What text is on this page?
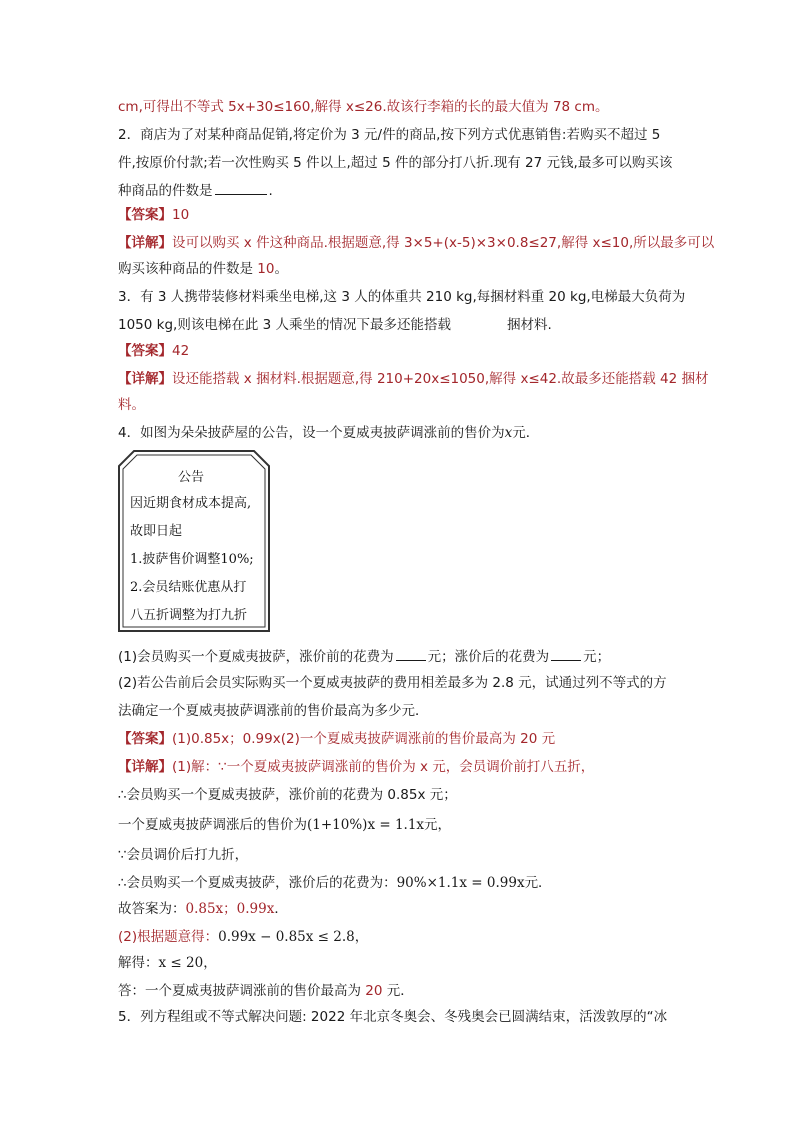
cm,可得出不等式 5x+30≤160,解得 x≤26.故该行李箱的长的最大值为 78 cm。
2．商店为了对某种商品促销,将定价为 3 元/件的商品,按下列方式优惠销售:若购买不超过 5
件,按原价付款;若一次性购买 5 件以上,超过 5 件的部分打八折.现有 27 元钱,最多可以购买该
种商品的件数是	.
【答案】10
【详解】设可以购买 x 件这种商品.根据题意,得 3×5+(x-5)×3×0.8≤27,解得 x≤10,所以最多可以
购买该种商品的件数是 10。
3．有 3 人携带装修材料乘坐电梯,这 3 人的体重共 210 kg,每捆材料重 20 kg,电梯最大负荷为
1050 kg,则该电梯在此 3 人乘坐的情况下最多还能搭载	捆材料.
【答案】42
【详解】设还能搭载 x 捆材料.根据题意,得 210+20x≤1050,解得 x≤42.故最多还能搭载 42 捆材
料。
4．如图为朵朵披萨屋的公告，设一个夏威夷披萨调涨前的售价为x元．
公告
因近期食材成本提高,
故即日起
1.披萨售价调整10%;
2.会员结账优惠从打
八五折调整为打九折
(1)会员购买一个夏威夷披萨，涨价前的花费为	元；涨价后的花费为	元；
(2)若公告前后会员实际购买一个夏威夷披萨的费用相差最多为 2.8 元，试通过列不等式的方
法确定一个夏威夷披萨调涨前的售价最高为多少元．
【答案】(1)0.85x；0.99x(2)一个夏威夷披萨调涨前的售价最高为 20 元
【详解】(1)解：∵一个夏威夷披萨调涨前的售价为 x 元，会员调价前打八五折，
∴会员购买一个夏威夷披萨，涨价前的花费为 0.85x 元；
一个夏威夷披萨调涨后的售价为(1+10%)x = 1.1x元，
∵会员调价后打九折，
∴会员购买一个夏威夷披萨，涨价后的花费为：90%×1.1x = 0.99x元．
故答案为：0.85x；0.99x．
(2)根据题意得：0.99x − 0.85x ≤ 2.8，
解得：x ≤ 20，
答：一个夏威夷披萨调涨前的售价最高为 20 元．
5．列方程组或不等式解决问题: 2022 年北京冬奥会、冬残奥会已圆满结束，活泼敦厚的“冰
